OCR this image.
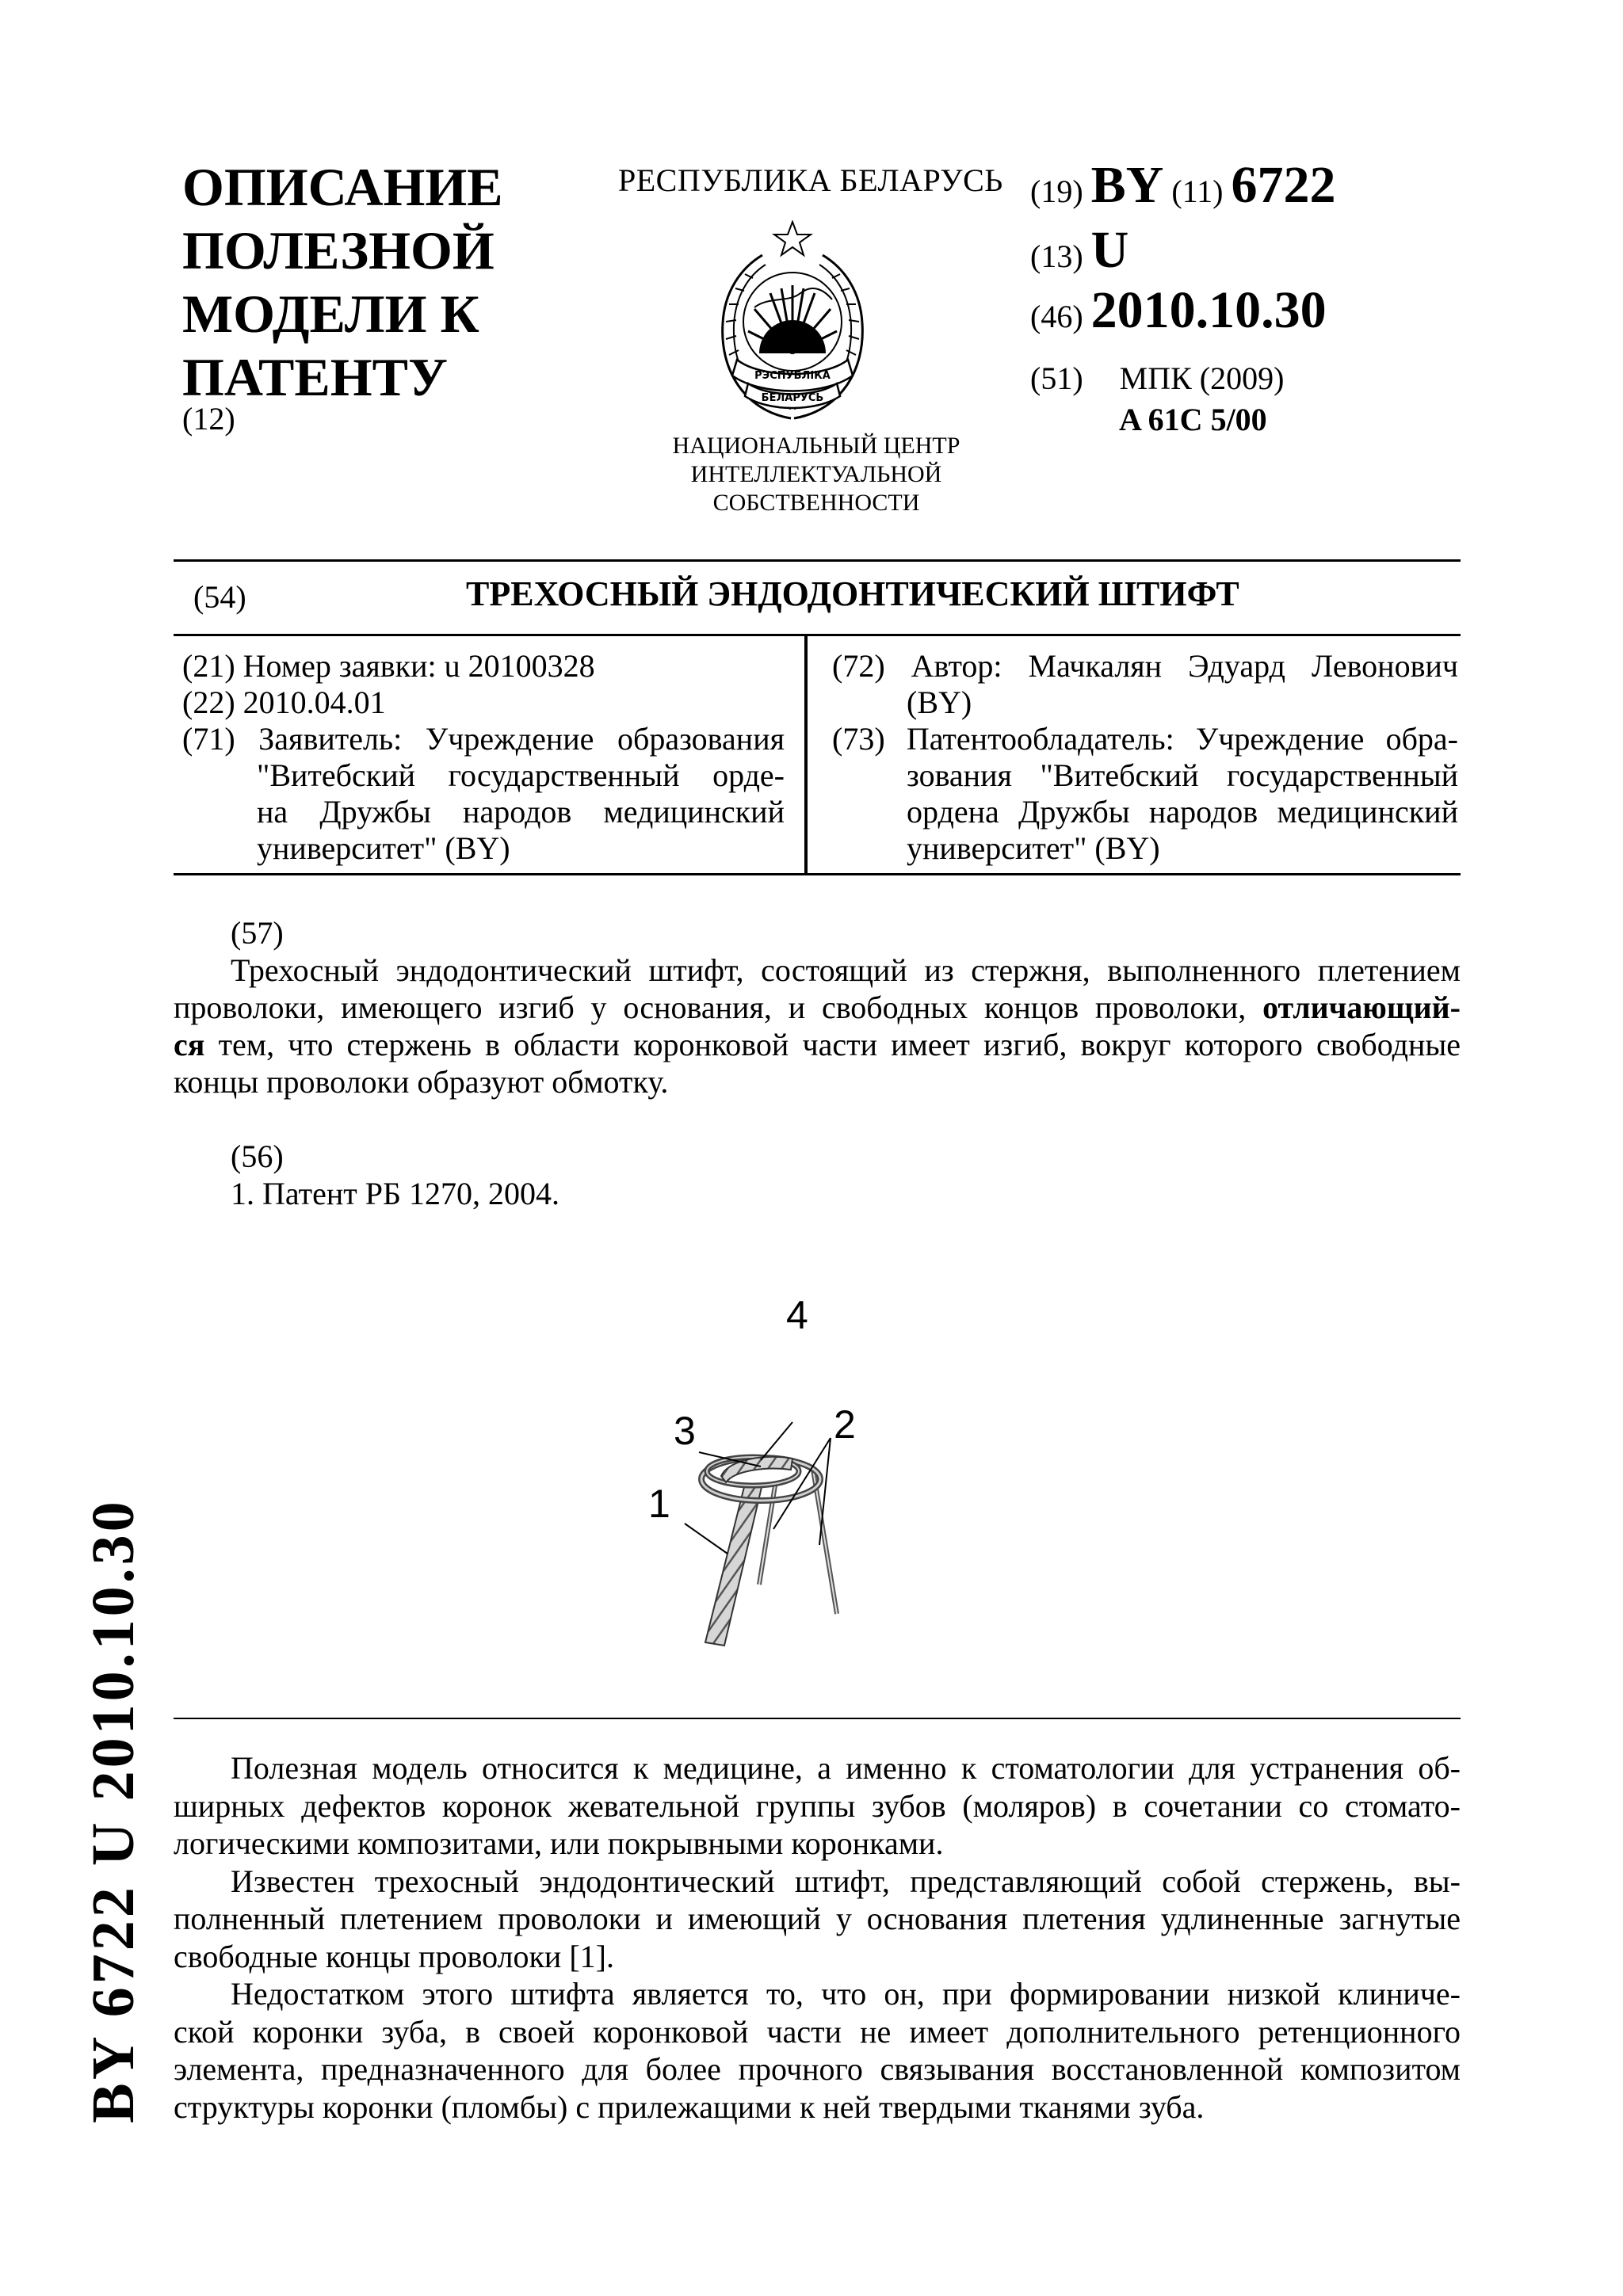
ОПИСАНИЕ
ПОЛЕЗНОЙ
МОДЕЛИ К
ПАТЕНТУ
(12)
РЕСПУБЛИКА БЕЛАРУСЬ
РЭСПУБЛІКА
БЕЛАРУСЬ
НАЦИОНАЛЬНЫЙ ЦЕНТР
ИНТЕЛЛЕКТУАЛЬНОЙ
СОБСТВЕННОСТИ
(19) BY (11) 6722
(13) U
(46) 2010.10.30
(51) МПК (2009)
A 61C 5/00
(54)	ТРЕХОСНЫЙ ЭНДОДОНТИЧЕСКИЙ ШТИФТ
(21) Номер заявки: u 20100328
(22) 2010.04.01
(71) Заявитель: Учреждение образования
"Витебский государственный орде-
на Дружбы народов медицинский
университет" (BY)
(72) Автор: Мачкалян Эдуард Левонович
(BY)
(73) Патентообладатель: Учреждение обра-
зования "Витебский государственный
ордена Дружбы народов медицинский
университет" (BY)
(57)
Трехосный эндодонтический штифт, состоящий из стержня, выполненного плетением
проволоки, имеющего изгиб у основания, и свободных концов проволоки, отличающий-
ся тем, что стержень в области коронковой части имеет изгиб, вокруг которого свободные
концы проволоки образуют обмотку.
(56)
1. Патент РБ 1270, 2004.
1
2
3
4
Полезная модель относится к медицине, а именно к стоматологии для устранения об-
ширных дефектов коронок жевательной группы зубов (моляров) в сочетании со стомато-
логическими композитами, или покрывными коронками.
Известен трехосный эндодонтический штифт, представляющий собой стержень, вы-
полненный плетением проволоки и имеющий у основания плетения удлиненные загнутые
свободные концы проволоки [1].
Недостатком этого штифта является то, что он, при формировании низкой клиниче-
ской коронки зуба, в своей коронковой части не имеет дополнительного ретенционного
элемента, предназначенного для более прочного связывания восстановленной композитом
структуры коронки (пломбы) с прилежащими к ней твердыми тканями зуба.
BY 6722 U 2010.10.30
